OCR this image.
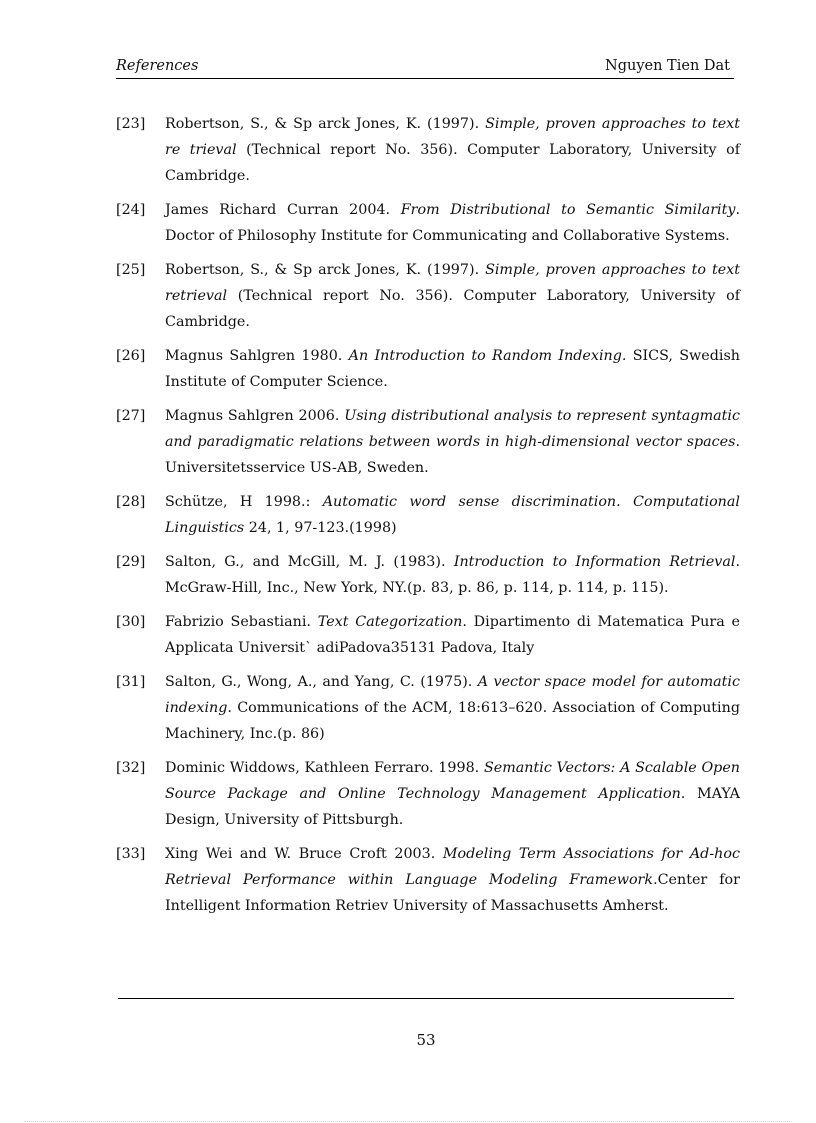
References	Nguyen Tien Dat
[23]	Robertson, S., & Sp arck Jones, K. (1997). Simple, proven approaches to text re trieval (Technical report No. 356). Computer Laboratory, University of Cambridge.
[24]	James Richard Curran 2004. From Distributional to Semantic Similarity. Doctor of Philosophy Institute for Communicating and Collaborative Systems.
[25]	Robertson, S., & Sp arck Jones, K. (1997). Simple, proven approaches to text retrieval (Technical report No. 356). Computer Laboratory, University of Cambridge.
[26]	Magnus Sahlgren 1980. An Introduction to Random Indexing. SICS, Swedish Institute of Computer Science.
[27]	Magnus Sahlgren 2006. Using distributional analysis to represent syntagmatic and paradigmatic relations between words in high-dimensional vector spaces. Universitetsservice US-AB, Sweden.
[28]	Schütze, H 1998.: Automatic word sense discrimination. Computational Linguistics 24, 1, 97-123.(1998)
[29]	Salton, G., and McGill, M. J. (1983). Introduction to Information Retrieval. McGraw-Hill, Inc., New York, NY.(p. 83, p. 86, p. 114, p. 114, p. 115).
[30]	Fabrizio Sebastiani. Text Categorization. Dipartimento di Matematica Pura e Applicata Universit` adiPadova35131 Padova, Italy
[31]	Salton, G., Wong, A., and Yang, C. (1975). A vector space model for automatic indexing. Communications of the ACM, 18:613–620. Association of Computing Machinery, Inc.(p. 86)
[32]	Dominic Widdows, Kathleen Ferraro. 1998. Semantic Vectors: A Scalable Open Source Package and Online Technology Management Application. MAYA Design, University of Pittsburgh.
[33]	Xing Wei and W. Bruce Croft 2003. Modeling Term Associations for Ad-hoc Retrieval Performance within Language Modeling Framework.Center for Intelligent Information Retriev University of Massachusetts Amherst.
53
